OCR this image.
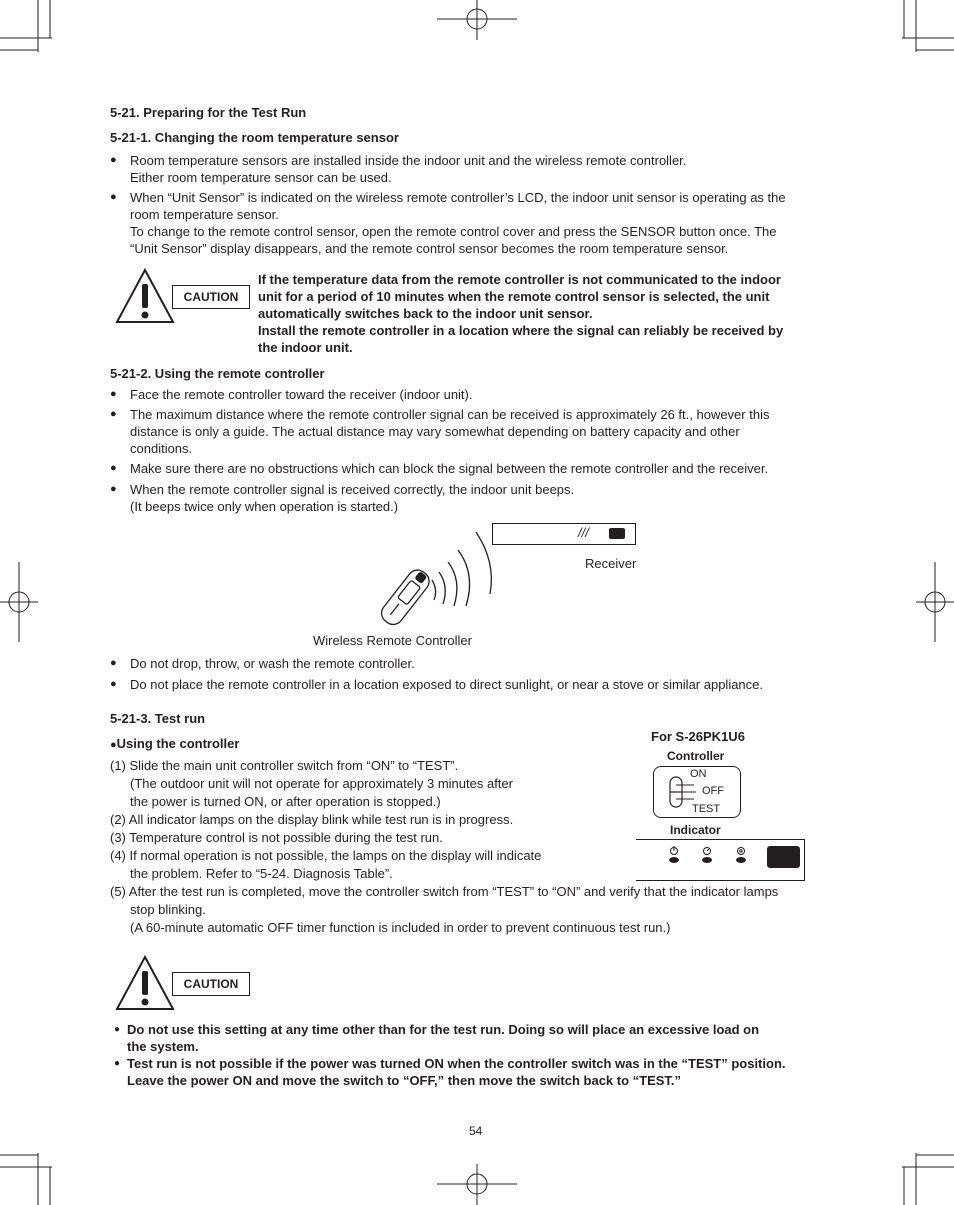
5-21. Preparing for the Test Run
5-21-1. Changing the room temperature sensor
● Room temperature sensors are installed inside the indoor unit and the wireless remote controller.
Either room temperature sensor can be used.
● When “Unit Sensor” is indicated on the wireless remote controller’s LCD, the indoor unit sensor is operating as the
room temperature sensor.
To change to the remote control sensor, open the remote control cover and press the SENSOR button once. The
“Unit Sensor” display disappears, and the remote control sensor becomes the room temperature sensor.
CAUTION
If the temperature data from the remote controller is not communicated to the indoor
unit for a period of 10 minutes when the remote control sensor is selected, the unit
automatically switches back to the indoor unit sensor.
Install the remote controller in a location where the signal can reliably be received by
the indoor unit.
5-21-2. Using the remote controller
● Face the remote controller toward the receiver (indoor unit).
● The maximum distance where the remote controller signal can be received is approximately 26 ft., however this
distance is only a guide. The actual distance may vary somewhat depending on battery capacity and other
conditions.
● Make sure there are no obstructions which can block the signal between the remote controller and the receiver.
● When the remote controller signal is received correctly, the indoor unit beeps.
(It beeps twice only when operation is started.)
///
Receiver
Wireless Remote Controller
● Do not drop, throw, or wash the remote controller.
● Do not place the remote controller in a location exposed to direct sunlight, or near a stove or similar appliance.
5-21-3. Test run
●Using the controller
(1) Slide the main unit controller switch from “ON” to “TEST”.
(The outdoor unit will not operate for approximately 3 minutes after
the power is turned ON, or after operation is stopped.)
(2) All indicator lamps on the display blink while test run is in progress.
(3) Temperature control is not possible during the test run.
(4) If normal operation is not possible, the lamps on the display will indicate
the problem. Refer to “5-24. Diagnosis Table”.
(5) After the test run is completed, move the controller switch from “TEST” to “ON” and verify that the indicator lamps
stop blinking.
(A 60-minute automatic OFF timer function is included in order to prevent continuous test run.)
For S-26PK1U6
Controller
ON
OFF
TEST
Indicator
CAUTION
● Do not use this setting at any time other than for the test run. Doing so will place an excessive load on
the system.
● Test run is not possible if the power was turned ON when the controller switch was in the “TEST” position.
Leave the power ON and move the switch to “OFF,” then move the switch back to “TEST.”
54
